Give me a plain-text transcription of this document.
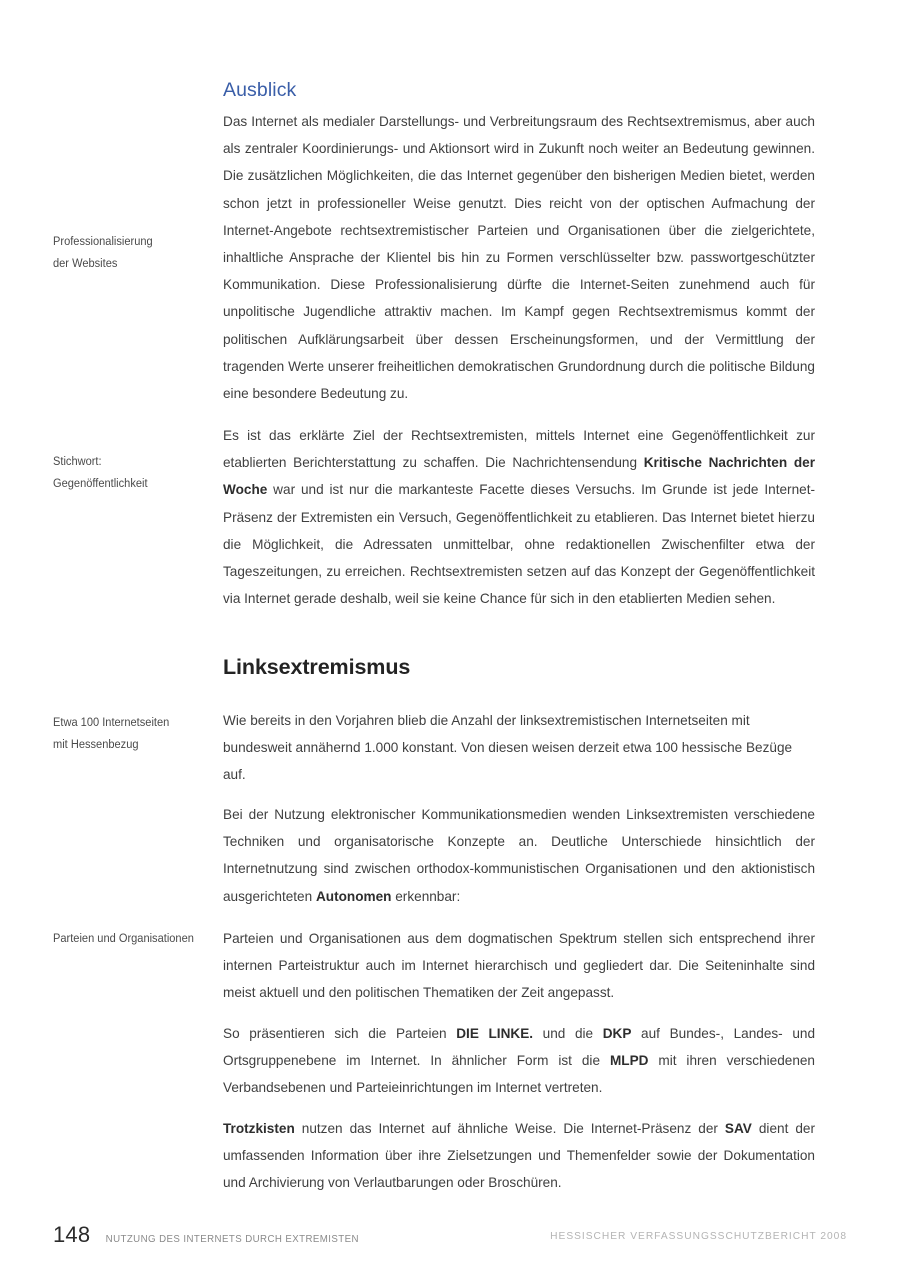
Ausblick
Professionalisierung
der Websites

Das Internet als medialer Darstellungs- und Verbreitungsraum des Rechtsextremismus, aber auch als zentraler Koordinierungs- und Aktionsort wird in Zukunft noch weiter an Bedeutung gewinnen. Die zusätzlichen Möglichkeiten, die das Internet gegenüber den bisherigen Medien bietet, werden schon jetzt in professioneller Weise genutzt. Dies reicht von der optischen Aufmachung der Internet-Angebote rechtsextremistischer Parteien und Organisationen über die zielgerichtete, inhaltliche Ansprache der Klientel bis hin zu Formen verschlüsselter bzw. passwortgeschützter Kommunikation. Diese Professionalisierung dürfte die Internet-Seiten zunehmend auch für unpolitische Jugendliche attraktiv machen. Im Kampf gegen Rechtsextremismus kommt der politischen Aufklärungsarbeit über dessen Erscheinungsformen, und der Vermittlung der tragenden Werte unserer freiheitlichen demokratischen Grundordnung durch die politische Bildung eine besondere Bedeutung zu.

Stichwort:
Gegenöffentlichkeit

Es ist das erklärte Ziel der Rechtsextremisten, mittels Internet eine Gegenöffentlichkeit zur etablierten Berichterstattung zu schaffen. Die Nachrichtensendung Kritische Nachrichten der Woche war und ist nur die markanteste Facette dieses Versuchs. Im Grunde ist jede Internet-Präsenz der Extremisten ein Versuch, Gegenöffentlichkeit zu etablieren. Das Internet bietet hierzu die Möglichkeit, die Adressaten unmittelbar, ohne redaktionellen Zwischenfilter etwa der Tageszeitungen, zu erreichen. Rechtsextremisten setzen auf das Konzept der Gegenöffentlichkeit via Internet gerade deshalb, weil sie keine Chance für sich in den etablierten Medien sehen.

Linksextremismus
Etwa 100 Internetseiten
mit Hessenbezug

Wie bereits in den Vorjahren blieb die Anzahl der linksextremistischen Internetseiten mit bundesweit annähernd 1.000 konstant. Von diesen weisen derzeit etwa 100 hessische Bezüge auf.

Bei der Nutzung elektronischer Kommunikationsmedien wenden Linksextremisten verschiedene Techniken und organisatorische Konzepte an. Deutliche Unterschiede hinsichtlich der Internetnutzung sind zwischen orthodox-kommunistischen Organisationen und den aktionistisch ausgerichteten Autonomen erkennbar:

Parteien und Organisationen	Parteien und Organisationen aus dem dogmatischen Spektrum stellen sich entsprechend ihrer internen Parteistruktur auch im Internet hierarchisch und gegliedert dar. Die Seiteninhalte sind meist aktuell und den politischen Thematiken der Zeit angepasst.

So präsentieren sich die Parteien DIE LINKE. und die DKP auf Bundes-, Landes- und Ortsgruppenebene im Internet. In ähnlicher Form ist die MLPD mit ihren verschiedenen Verbandsebenen und Parteieinrichtungen im Internet vertreten.

Trotzkisten nutzen das Internet auf ähnliche Weise. Die Internet-Präsenz der SAV dient der umfassenden Information über ihre Zielsetzungen und Themenfelder sowie der Dokumentation und Archivierung von Verlautbarungen oder Broschüren.

148 NUTZUNG DES INTERNETS DURCH EXTREMISTEN	HESSISCHER VERFASSUNGSSCHUTZBERICHT 2008
